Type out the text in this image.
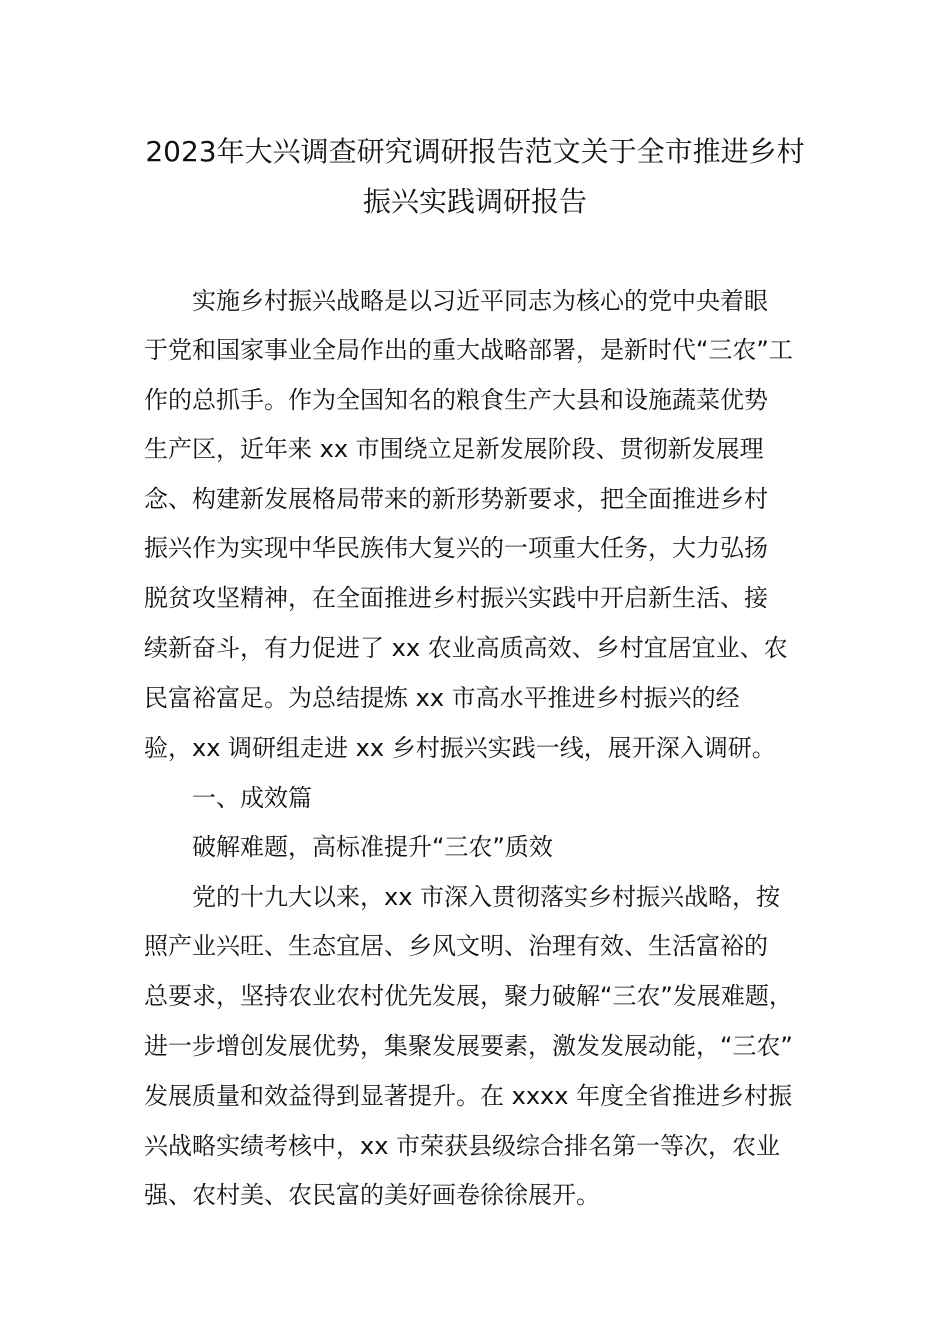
2023年大兴调查研究调研报告范文关于全市推进乡村
振兴实践调研报告

实施乡村振兴战略是以习近平同志为核心的党中央着眼

于党和国家事业全局作出的重大战略部署，是新时代“三农”工

作的总抓手。作为全国知名的粮食生产大县和设施蔬菜优势

生产区，近年来 xx 市围绕立足新发展阶段、贯彻新发展理

念、构建新发展格局带来的新形势新要求，把全面推进乡村

振兴作为实现中华民族伟大复兴的一项重大任务，大力弘扬

脱贫攻坚精神，在全面推进乡村振兴实践中开启新生活、接

续新奋斗，有力促进了 xx 农业高质高效、乡村宜居宜业、农

民富裕富足。为总结提炼 xx 市高水平推进乡村振兴的经

验，xx 调研组走进 xx 乡村振兴实践一线，展开深入调研。

一、成效篇

破解难题，高标准提升“三农”质效

党的十九大以来，xx 市深入贯彻落实乡村振兴战略，按

照产业兴旺、生态宜居、乡风文明、治理有效、生活富裕的

总要求，坚持农业农村优先发展，聚力破解“三农”发展难题，

进一步增创发展优势，集聚发展要素，激发发展动能，“三农”

发展质量和效益得到显著提升。在 xxxx 年度全省推进乡村振

兴战略实绩考核中，xx 市荣获县级综合排名第一等次，农业

强、农村美、农民富的美好画卷徐徐展开。
